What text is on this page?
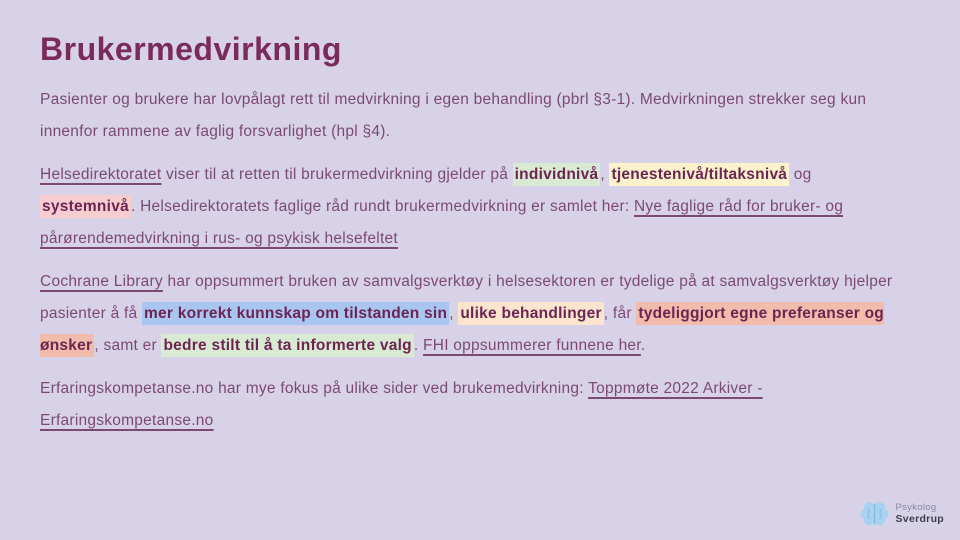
Brukermedvirkning

Pasienter og brukere har lovpålagt rett til medvirkning i egen behandling (pbrl §3-1). Medvirkningen strekker seg kun innenfor rammene av faglig forsvarlighet (hpl §4).

Helsedirektoratet viser til at retten til brukermedvirkning gjelder på individnivå , tjenestenivå/tiltaksnivå og systemnivå . Helsedirektoratets faglige råd rundt brukermedvirkning er samlet her: Nye faglige råd for bruker- og pårørendemedvirkning i rus- og psykisk helsefeltet

Cochrane Library har oppsummert bruken av samvalgsverktøy i helsesektoren er tydelige på at samvalgsverktøy hjelper pasienter å få mer korrekt kunnskap om tilstanden sin , ulike behandlinger , får tydeliggjort egne preferanser og ønsker , samt er bedre stilt til å ta informerte valg . FHI oppsummerer funnene her.

Erfaringskompetanse.no har mye fokus på ulike sider ved brukemedvirkning: Toppmøte 2022 Arkiver - Erfaringskompetanse.no

Psykolog
Sverdrup
